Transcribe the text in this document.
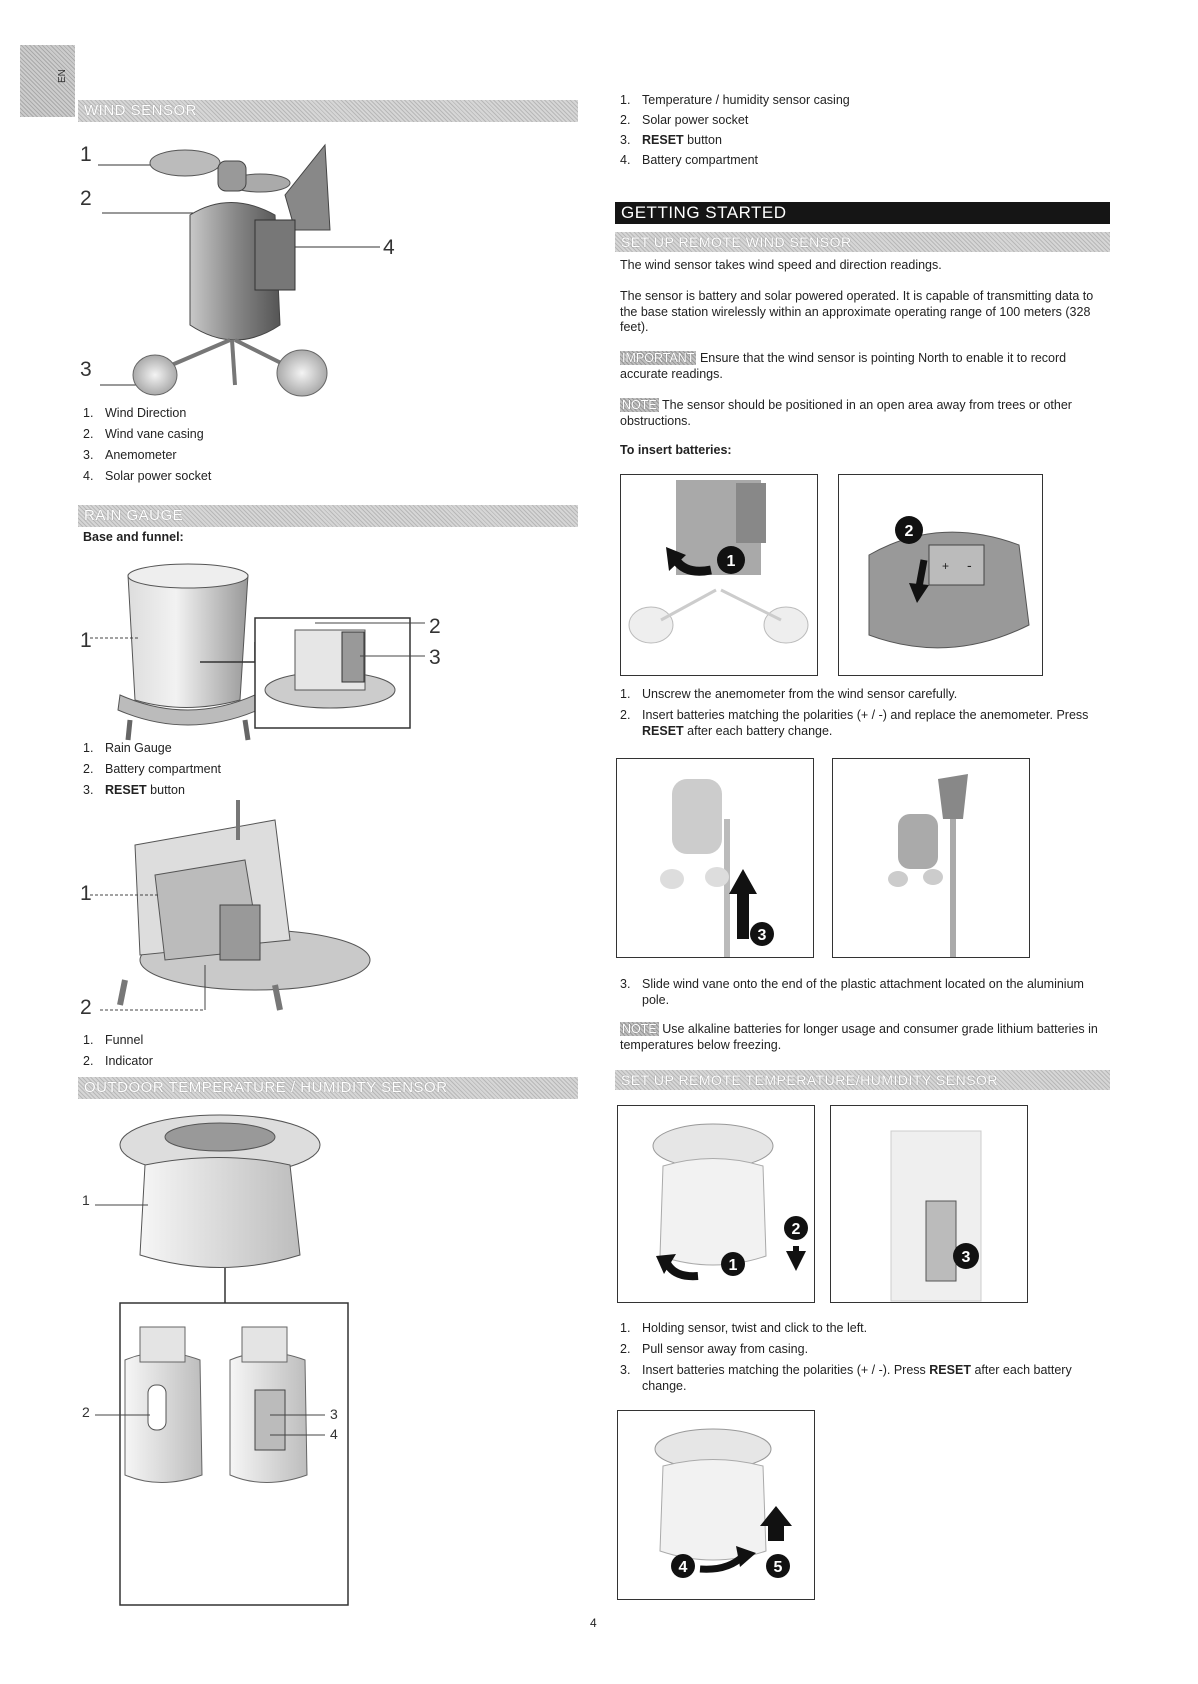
EN
WIND SENSOR
1
2
3
4
1. Wind Direction
2. Wind vane casing
3. Anemometer
4. Solar power socket
RAIN GAUGE
Base and funnel:
1
2
3
1. Rain Gauge
2. Battery compartment
3. RESET button
1
2
1. Funnel
2. Indicator
OUTDOOR TEMPERATURE / HUMIDITY SENSOR
1
2	3
4
1. Temperature / humidity sensor casing
2. Solar power socket
3. RESET button
4. Battery compartment
GETTING STARTED
SET UP REMOTE WIND SENSOR

The wind sensor takes wind speed and direction readings.

The sensor is battery and solar powered operated. It is capable of transmitting data to the base station wirelessly within an approximate operating range of 100 meters (328 feet).

IMPORTANT Ensure that the wind sensor is pointing North to enable it to record accurate readings.

NOTE The sensor should be positioned in an open area away from trees or other obstructions.

To insert batteries:
1	+ -
2
1. Unscrew the anemometer from the wind sensor carefully.
2. Insert batteries matching the polarities (+ / -) and replace the anemometer. Press RESET after each battery change.
3
3. Slide wind vane onto the end of the plastic attachment located on the aluminium pole.

NOTE Use alkaline batteries for longer usage and consumer grade lithium batteries in temperatures below freezing.

SET UP REMOTE TEMPERATURE/HUMIDITY SENSOR
1
2
3
1. Holding sensor, twist and click to the left.
2. Pull sensor away from casing.
3. Insert batteries matching the polarities (+ / -). Press RESET after each battery change.
4	5
4
